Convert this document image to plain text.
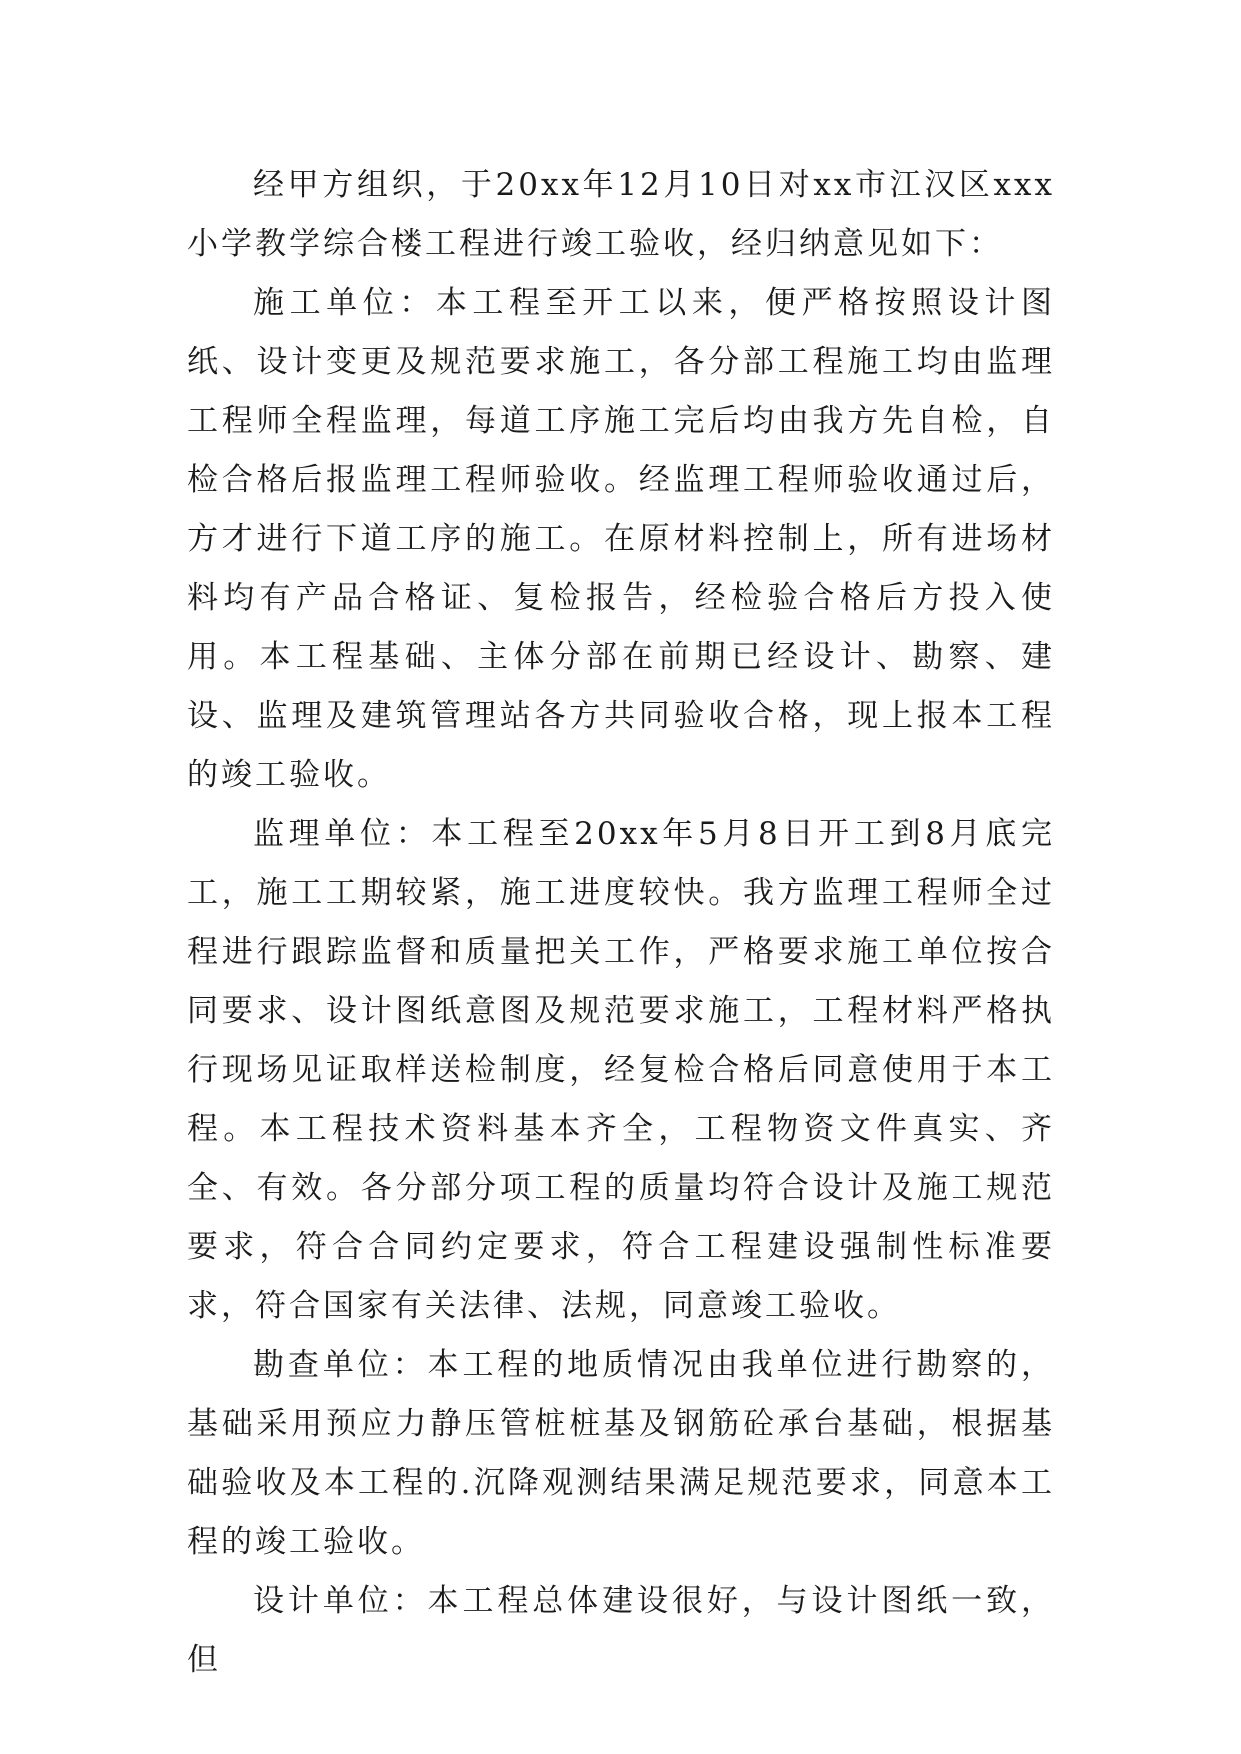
经甲方组织，于20xx年12月10日对xx市江汉区xxx小学教学综合楼工程进行竣工验收，经归纳意见如下：

施工单位：本工程至开工以来，便严格按照设计图纸、设计变更及规范要求施工，各分部工程施工均由监理工程师全程监理，每道工序施工完后均由我方先自检，自检合格后报监理工程师验收。经监理工程师验收通过后，方才进行下道工序的施工。在原材料控制上，所有进场材料均有产品合格证、复检报告，经检验合格后方投入使用。本工程基础、主体分部在前期已经设计、勘察、建设、监理及建筑管理站各方共同验收合格，现上报本工程的竣工验收。

监理单位：本工程至20xx年5月8日开工到8月底完工，施工工期较紧，施工进度较快。我方监理工程师全过程进行跟踪监督和质量把关工作，严格要求施工单位按合同要求、设计图纸意图及规范要求施工，工程材料严格执行现场见证取样送检制度，经复检合格后同意使用于本工程。本工程技术资料基本齐全，工程物资文件真实、齐全、有效。各分部分项工程的质量均符合设计及施工规范要求，符合合同约定要求，符合工程建设强制性标准要求，符合国家有关法律、法规，同意竣工验收。

勘查单位：本工程的地质情况由我单位进行勘察的，基础采用预应力静压管桩桩基及钢筋砼承台基础，根据基础验收及本工程的.沉降观测结果满足规范要求，同意本工程的竣工验收。

设计单位：本工程总体建设很好，与设计图纸一致，但
